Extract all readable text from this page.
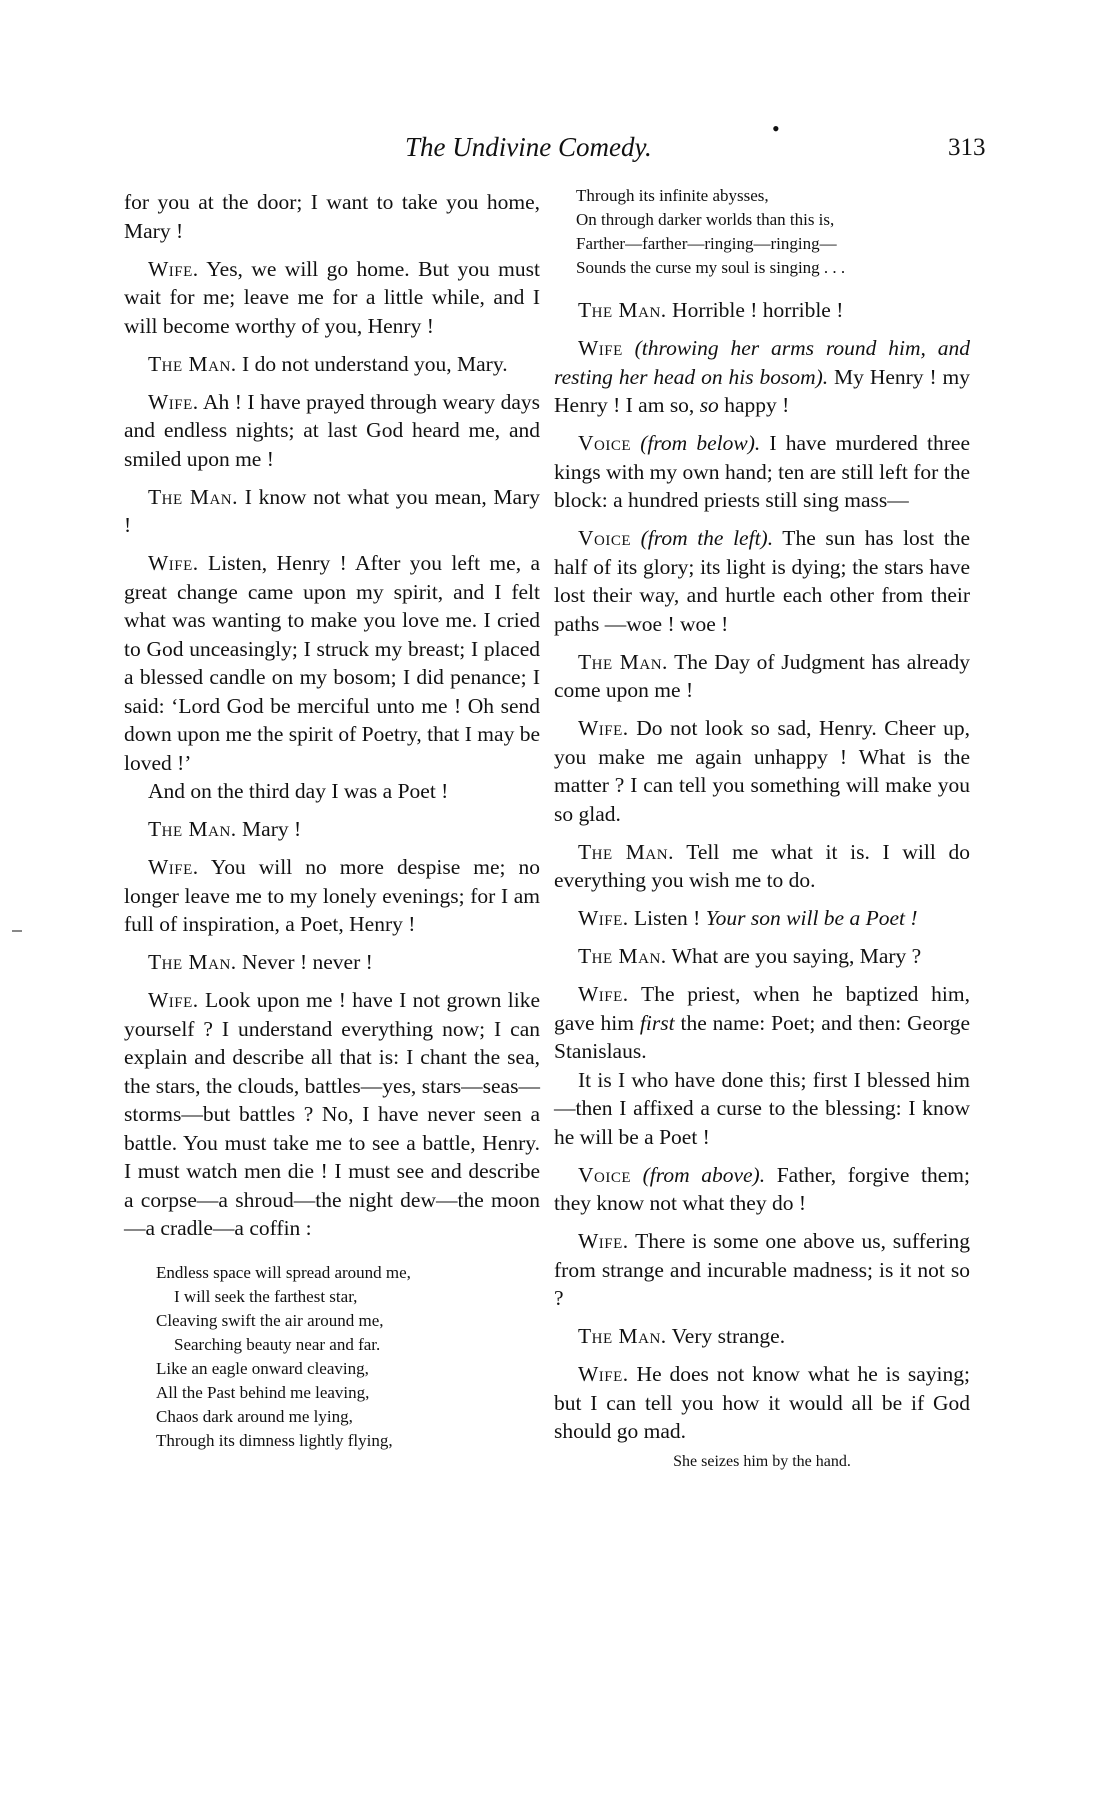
The Undivine Comedy.
•
313

for you at the door; I want to take you home, Mary !

Wife. Yes, we will go home. But you must wait for me; leave me for a little while, and I will become worthy of you, Henry !

The Man. I do not understand you, Mary.

Wife. Ah ! I have prayed through weary days and endless nights; at last God heard me, and smiled upon me !

The Man. I know not what you mean, Mary !

Wife. Listen, Henry ! After you left me, a great change came upon my spirit, and I felt what was wanting to make you love me. I cried to God unceasingly; I struck my breast; I placed a blessed candle on my bosom; I did penance; I said: ‘Lord God be merciful unto me ! Oh send down upon me the spirit of Poetry, that I may be loved !’

And on the third day I was a Poet !

The Man. Mary !

Wife. You will no more despise me; no longer leave me to my lonely evenings; for I am full of inspiration, a Poet, Henry !

The Man. Never ! never !

Wife. Look upon me ! have I not grown like yourself ? I understand everything now; I can explain and describe all that is: I chant the sea, the stars, the clouds, battles—yes, stars—seas—storms—but battles ? No, I have never seen a battle. You must take me to see a battle, Henry. I must watch men die ! I must see and describe a corpse—a shroud—the night dew—the moon—a cradle—a coffin :

Endless space will spread around me,
I will seek the farthest star,
Cleaving swift the air around me,
Searching beauty near and far.
Like an eagle onward cleaving,
All the Past behind me leaving,
Chaos dark around me lying,
Through its dimness lightly flying,
Through its infinite abysses,
On through darker worlds than this is,
Farther—farther—ringing—ringing—
Sounds the curse my soul is singing . . .

The Man. Horrible ! horrible !

Wife (throwing her arms round him, and resting her head on his bosom). My Henry ! my Henry ! I am so, so happy !

Voice (from below). I have murdered three kings with my own hand; ten are still left for the block: a hundred priests still sing mass—

Voice (from the left). The sun has lost the half of its glory; its light is dying; the stars have lost their way, and hurtle each other from their paths —woe ! woe !

The Man. The Day of Judgment has already come upon me !

Wife. Do not look so sad, Henry. Cheer up, you make me again unhappy ! What is the matter ? I can tell you something will make you so glad.

The Man. Tell me what it is. I will do everything you wish me to do.

Wife. Listen ! Your son will be a Poet !

The Man. What are you saying, Mary ?

Wife. The priest, when he baptized him, gave him first the name: Poet; and then: George Stanislaus.

It is I who have done this; first I blessed him—then I affixed a curse to the blessing: I know he will be a Poet !

Voice (from above). Father, forgive them; they know not what they do !

Wife. There is some one above us, suffering from strange and incurable madness; is it not so ?

The Man. Very strange.

Wife. He does not know what he is saying; but I can tell you how it would all be if God should go mad.

She seizes him by the hand.
